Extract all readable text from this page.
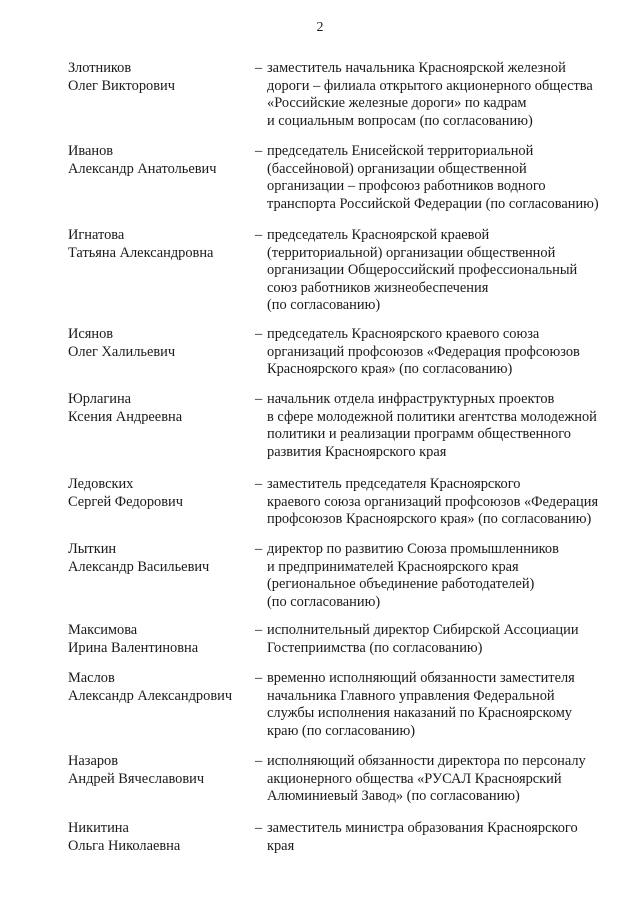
2
Злотников
Олег Викторович
– заместитель начальника Красноярской железной
дороги – филиала открытого акционерного общества
«Российские железные дороги» по кадрам
и социальным вопросам (по согласованию)
Иванов
Александр Анатольевич
– председатель Енисейской территориальной
(бассейновой) организации общественной
организации – профсоюз работников водного
транспорта Российской Федерации (по согласованию)
Игнатова
Татьяна Александровна
– председатель Красноярской краевой
(территориальной) организации общественной
организации Общероссийский профессиональный
союз работников жизнеобеспечения
(по согласованию)
Исянов
Олег Халильевич
– председатель Красноярского краевого союза
организаций профсоюзов «Федерация профсоюзов
Красноярского края» (по согласованию)
Юрлагина
Ксения Андреевна
– начальник отдела инфраструктурных проектов
в сфере молодежной политики агентства молодежной
политики и реализации программ общественного
развития Красноярского края
Ледовских
Сергей Федорович
– заместитель председателя Красноярского
краевого союза организаций профсоюзов «Федерация
профсоюзов Красноярского края» (по согласованию)
Лыткин
Александр Васильевич
– директор по развитию Союза промышленников
и предпринимателей Красноярского края
(региональное объединение работодателей)
(по согласованию)
Максимова
Ирина Валентиновна
– исполнительный директор Сибирской Ассоциации
Гостеприимства (по согласованию)
Маслов
Александр Александрович
– временно исполняющий обязанности заместителя
начальника Главного управления Федеральной
службы исполнения наказаний по Красноярскому
краю (по согласованию)
Назаров
Андрей Вячеславович
– исполняющий обязанности директора по персоналу
акционерного общества «РУСАЛ Красноярский
Алюминиевый Завод» (по согласованию)
Никитина
Ольга Николаевна
– заместитель министра образования Красноярского
края
